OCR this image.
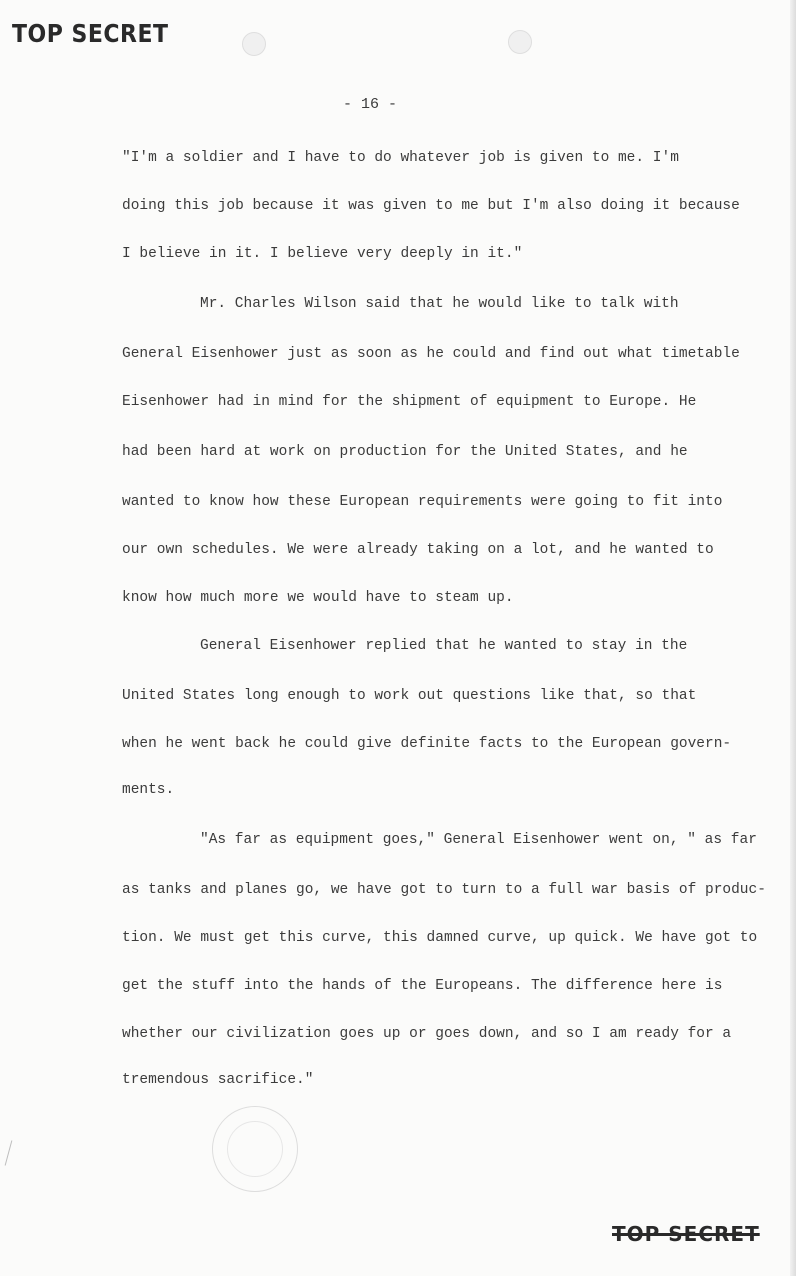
TOP SECRET
- 16 -
"I'm a soldier and I have to do whatever job is given to me. I'm
doing this job because it was given to me but I'm also doing it because
I believe in it. I believe very deeply in it."
Mr. Charles Wilson said that he would like to talk with
General Eisenhower just as soon as he could and find out what timetable
Eisenhower had in mind for the shipment of equipment to Europe. He
had been hard at work on production for the United States, and he
wanted to know how these European requirements were going to fit into
our own schedules. We were already taking on a lot, and he wanted to
know how much more we would have to steam up.
General Eisenhower replied that he wanted to stay in the
United States long enough to work out questions like that, so that
when he went back he could give definite facts to the European govern-
ments.
"As far as equipment goes," General Eisenhower went on, " as far
as tanks and planes go, we have got to turn to a full war basis of produc-
tion. We must get this curve, this damned curve, up quick. We have got to
get the stuff into the hands of the Europeans. The difference here is
whether our civilization goes up or goes down, and so I am ready for a
tremendous sacrifice."
TOP SECRET
